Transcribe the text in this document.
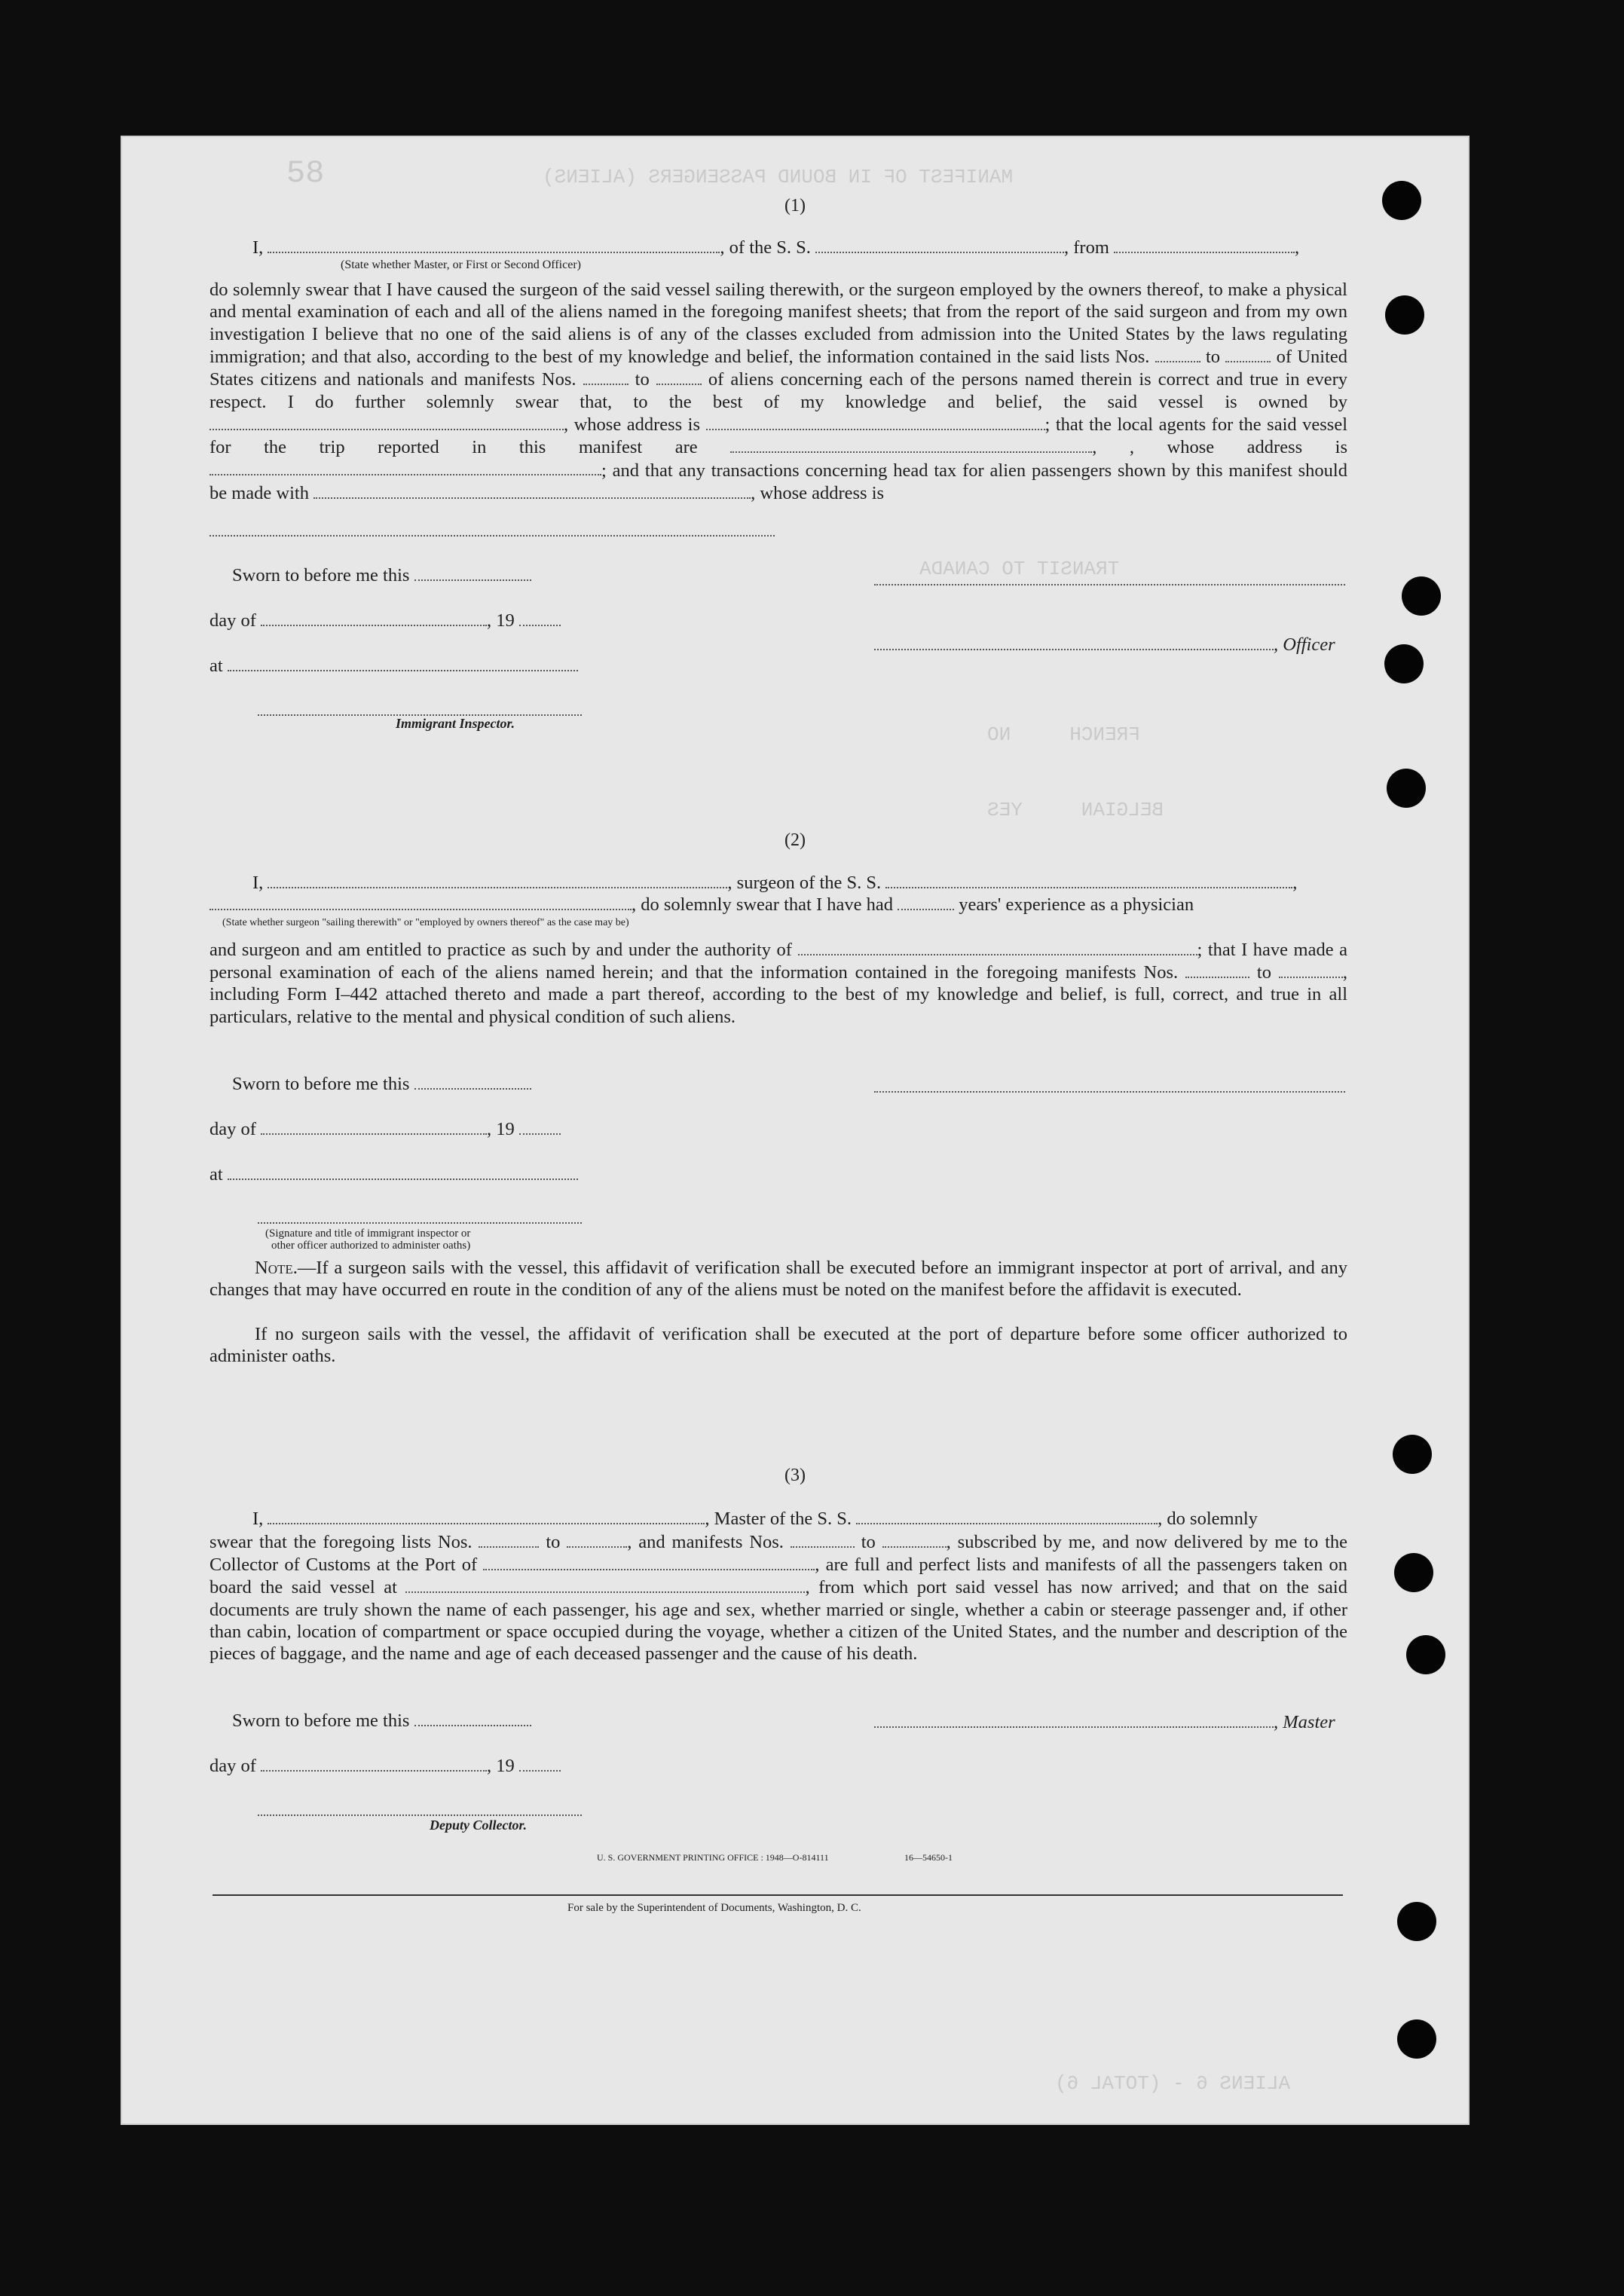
58	MANIFEST OF IN BOUND PASSENGERS (ALIENS)
TRANSIT TO CANADA
FRENCH     NO
BELGIAN     YES
ALIENS 6 - (TOTAL 6)
(1)
I,	, of the S. S.	, from	,
(State whether Master, or First or Second Officer)
do solemnly swear that I have caused the surgeon of the said vessel sailing therewith, or the surgeon employed by the owners thereof, to make a physical and mental examination of each and all of the aliens named in the foregoing manifest sheets; that from the report of the said surgeon and from my own investigation I believe that no one of the said aliens is of any of the classes excluded from admission into the United States by the laws regulating immigration; and that also, according to the best of my knowledge and belief, the information contained in the said lists Nos.	to	of United States citizens and nationals and manifests Nos.	to	of aliens concerning each of the persons named therein is correct and true in every respect. I do further solemnly swear that, to the best of my knowledge and belief, the said vessel is owned by , whose address is	; that the local agents for the said vessel for the trip reported in this manifest are	, , whose address is ; and that any transactions concerning head tax for alien passengers shown by this manifest should be made with	, whose address is
Sworn to before me this
day of	, 19
, Officer
at
Immigrant Inspector.
(2)
I,	, surgeon of the S. S.	,
, do solemnly swear that I have had	years' experience as a physician
(State whether surgeon "sailing therewith" or "employed by owners thereof" as the case may be)
and surgeon and am entitled to practice as such by and under the authority of	; that I have made a personal examination of each of the aliens named herein; and that the information contained in the foregoing manifests Nos.	to	, including Form I–442 attached thereto and made a part thereof, according to the best of my knowledge and belief, is full, correct, and true in all particulars, relative to the mental and physical condition of such aliens.
Sworn to before me this
day of	, 19
at
(Signature and title of immigrant inspector or
other officer authorized to administer oaths)
Note.—If a surgeon sails with the vessel, this affidavit of verification shall be executed before an immigrant inspector at port of arrival, and any changes that may have occurred en route in the condition of any of the aliens must be noted on the manifest before the affidavit is executed.
If no surgeon sails with the vessel, the affidavit of verification shall be executed at the port of departure before some officer authorized to administer oaths.
(3)
I,	, Master of the S. S.	, do solemnly
swear that the foregoing lists Nos.	to	, and manifests Nos.	to	, subscribed by me, and now delivered by me to the Collector of Customs at the Port of	, are full and perfect lists and manifests of all the passengers taken on board the said vessel at	, from which port said vessel has now arrived; and that on the said documents are truly shown the name of each passenger, his age and sex, whether married or single, whether a cabin or steerage passenger and, if other than cabin, location of compartment or space occupied during the voyage, whether a citizen of the United States, and the number and description of the pieces of baggage, and the name and age of each deceased passenger and the cause of his death.
Sworn to before me this	, Master
day of	, 19
Deputy Collector.
U. S. GOVERNMENT PRINTING OFFICE : 1948—O-814111	16—54650-1
For sale by the Superintendent of Documents, Washington, D. C.
